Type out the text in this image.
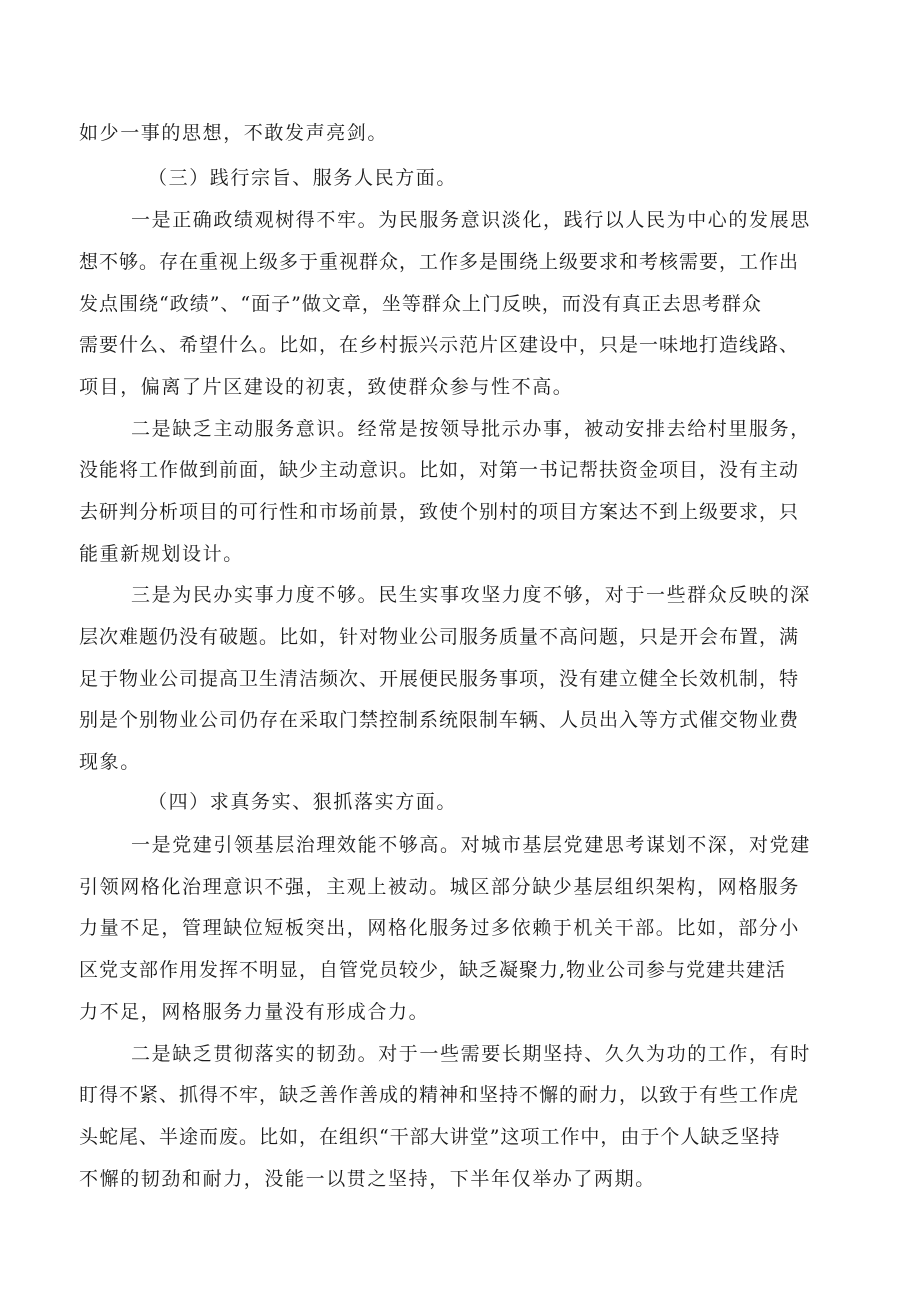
如少一事的思想，不敢发声亮剑。
（三）践行宗旨、服务人民方面。
一是正确政绩观树得不牢。为民服务意识淡化，践行以人民为中心的发展思
想不够。存在重视上级多于重视群众，工作多是围绕上级要求和考核需要，工作出
发点围绕“政绩”、“面子”做文章，坐等群众上门反映，而没有真正去思考群众
需要什么、希望什么。比如，在乡村振兴示范片区建设中，只是一味地打造线路、
项目，偏离了片区建设的初衷，致使群众参与性不高。
二是缺乏主动服务意识。经常是按领导批示办事，被动安排去给村里服务，
没能将工作做到前面，缺少主动意识。比如，对第一书记帮扶资金项目，没有主动
去研判分析项目的可行性和市场前景，致使个别村的项目方案达不到上级要求，只
能重新规划设计。
三是为民办实事力度不够。民生实事攻坚力度不够，对于一些群众反映的深
层次难题仍没有破题。比如，针对物业公司服务质量不高问题，只是开会布置，满
足于物业公司提高卫生清洁频次、开展便民服务事项，没有建立健全长效机制，特
别是个别物业公司仍存在采取门禁控制系统限制车辆、人员出入等方式催交物业费
现象。
（四）求真务实、狠抓落实方面。
一是党建引领基层治理效能不够高。对城市基层党建思考谋划不深，对党建
引领网格化治理意识不强，主观上被动。城区部分缺少基层组织架构，网格服务
力量不足，管理缺位短板突出，网格化服务过多依赖于机关干部。比如，部分小
区党支部作用发挥不明显，自管党员较少，缺乏凝聚力,物业公司参与党建共建活
力不足，网格服务力量没有形成合力。
二是缺乏贯彻落实的韧劲。对于一些需要长期坚持、久久为功的工作，有时
盯得不紧、抓得不牢，缺乏善作善成的精神和坚持不懈的耐力，以致于有些工作虎
头蛇尾、半途而废。比如，在组织“干部大讲堂”这项工作中，由于个人缺乏坚持
不懈的韧劲和耐力，没能一以贯之坚持，下半年仅举办了两期。
